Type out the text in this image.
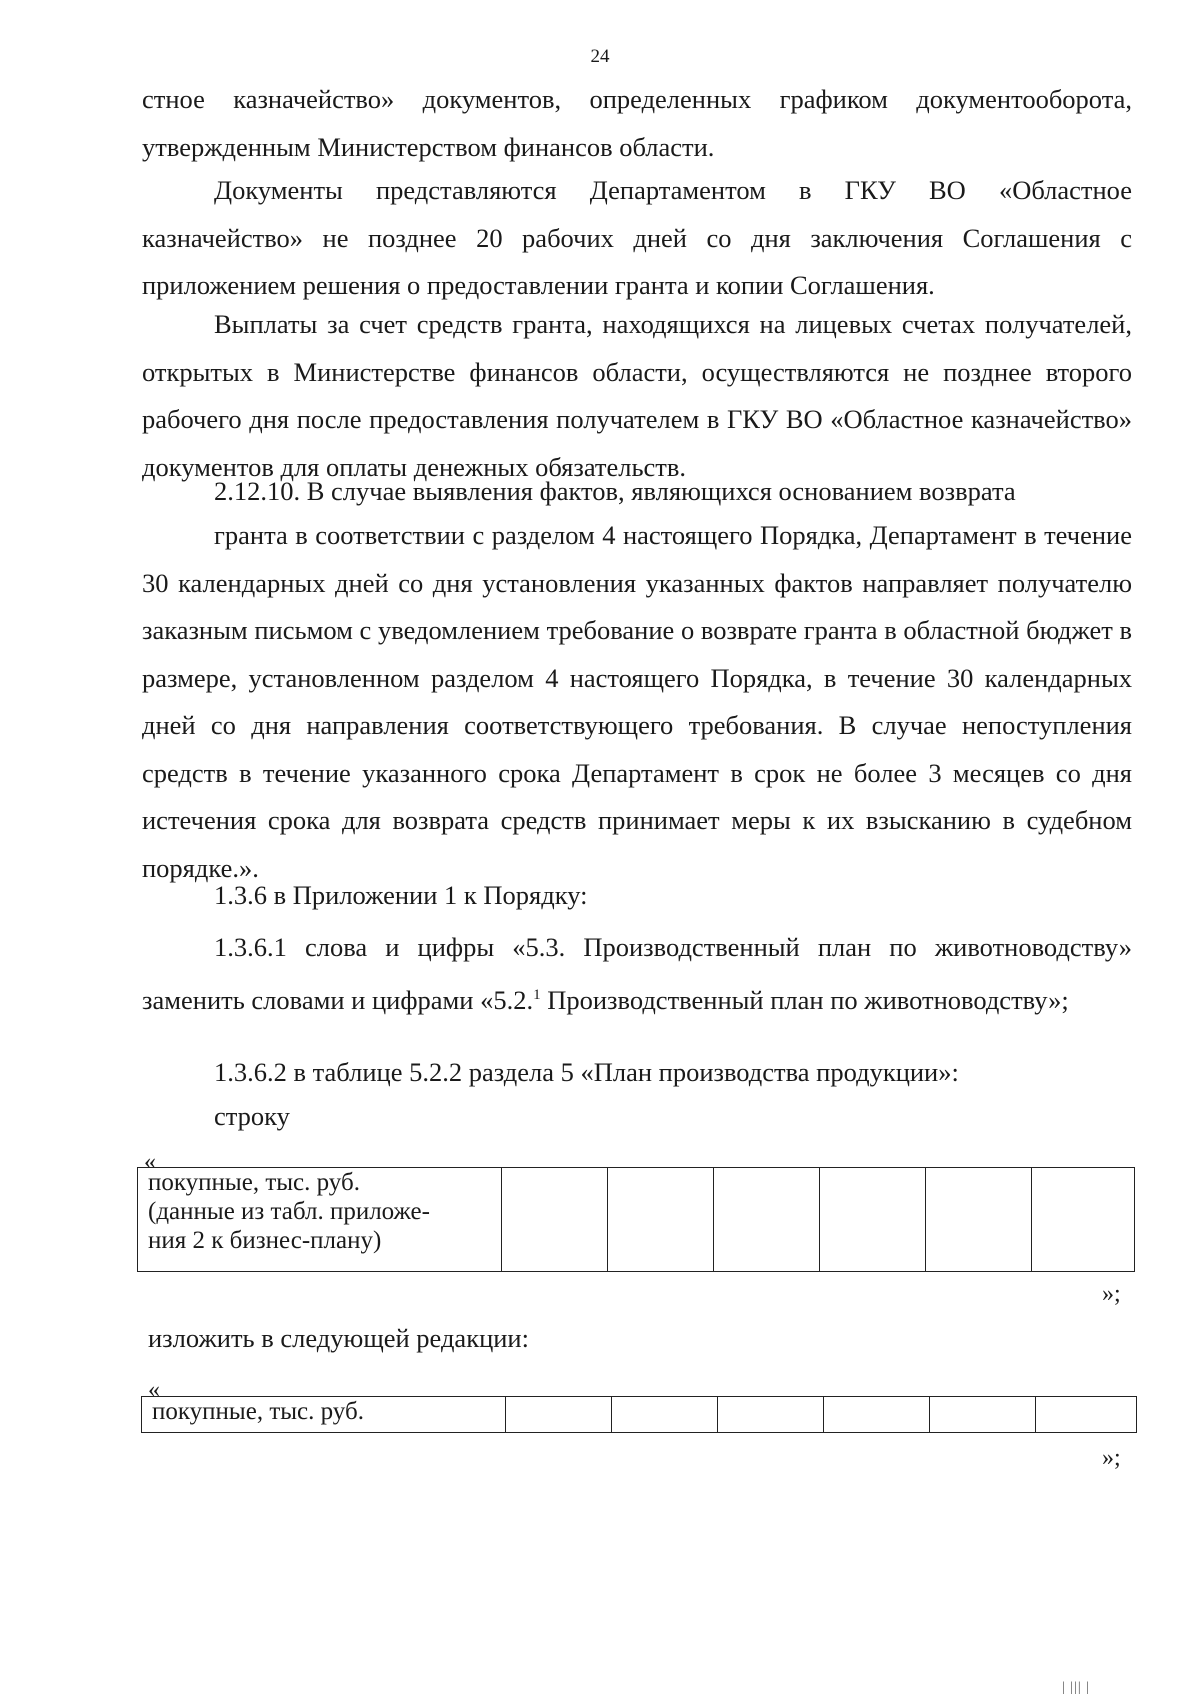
24

стное казначейство» документов, определенных графиком документооборота, утвержденным Министерством финансов области.

Документы представляются Департаментом в ГКУ ВО «Областное казначейство» не позднее 20 рабочих дней со дня заключения Соглашения с приложением решения о предоставлении гранта и копии Соглашения.

Выплаты за счет средств гранта, находящихся на лицевых счетах получателей, открытых в Министерстве финансов области, осуществляются не позднее второго рабочего дня после предоставления получателем в ГКУ ВО «Областное казначейство» документов для оплаты денежных обязательств.

2.12.10. В случае выявления фактов, являющихся основанием возврата

гранта в соответствии с разделом 4 настоящего Порядка, Департамент в течение 30 календарных дней со дня установления указанных фактов направляет получателю заказным письмом с уведомлением требование о возврате гранта в областной бюджет в размере, установленном разделом 4 настоящего Порядка, в течение 30 календарных дней со дня направления соответствующего требования. В случае непоступления средств в течение указанного срока Департамент в срок не более 3 месяцев со дня истечения срока для возврата средств принимает меры к их взысканию в судебном порядке.».

1.3.6 в Приложении 1 к Порядку:

1.3.6.1 слова и цифры «5.3. Производственный план по животноводству» заменить словами и цифрами «5.2.$^1$ Производственный план по животноводству»;

1.3.6.2 в таблице 5.2.2 раздела 5 «План производства продукции»:

строку

«
покупные, тыс. руб.
(данные из табл. приложе-
ния 2 к бизнес-плану)

»;

изложить в следующей редакции:

«
покупные, тыс. руб.						
»;
| ||| |
